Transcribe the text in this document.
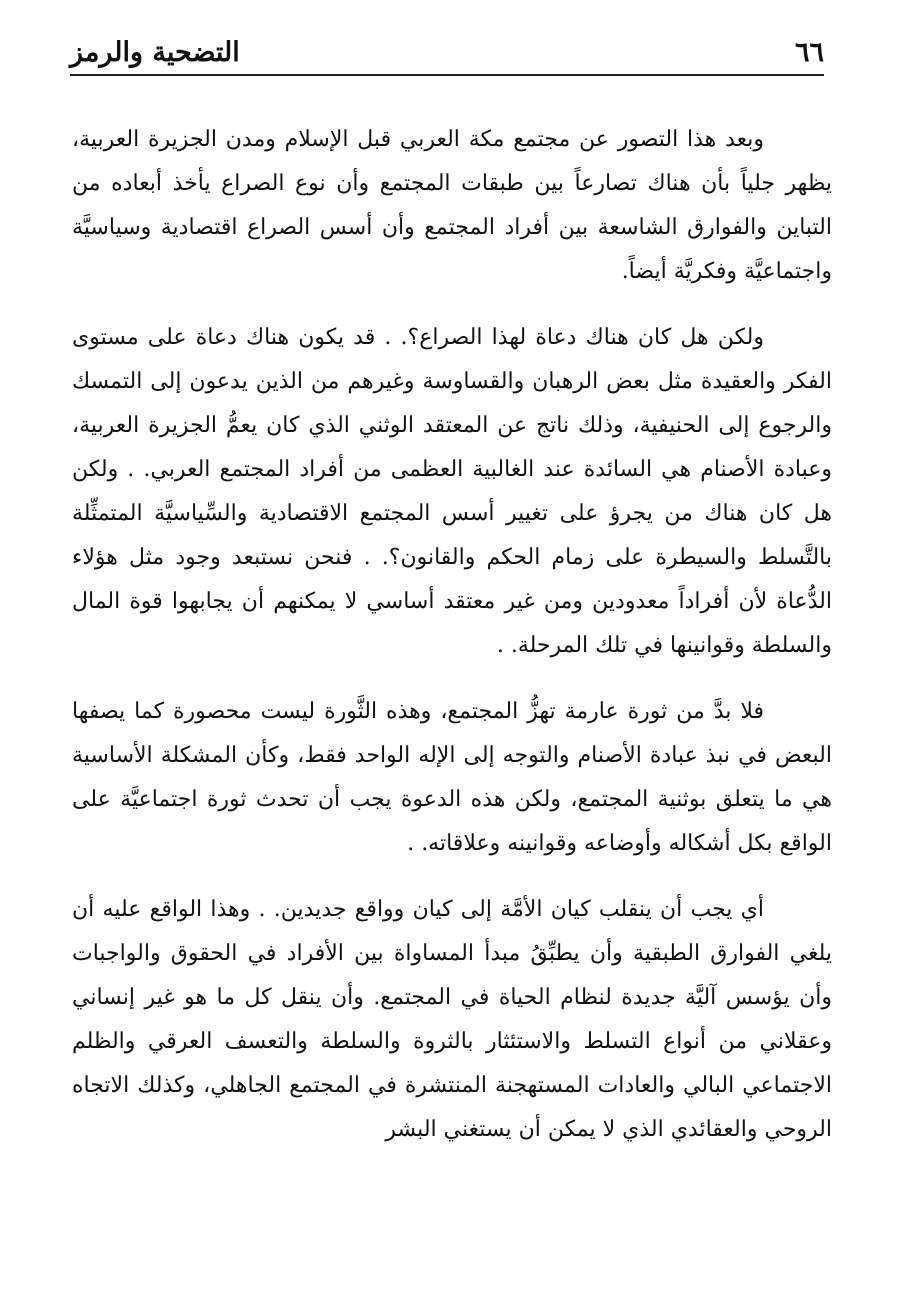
٦٦
التضحية والرمز

وبعد هذا التصور عن مجتمع مكة العربي قبل الإسلام ومدن الجزيرة العربية، يظهر جلياً بأن هناك تصارعاً بين طبقات المجتمع وأن نوع الصراع يأخذ أبعاده من التباين والفوارق الشاسعة بين أفراد المجتمع وأن أسس الصراع اقتصادية وسياسيَّة واجتماعيَّة وفكريَّة أيضاً.

ولكن هل كان هناك دعاة لهذا الصراع؟. . قد يكون هناك دعاة على مستوى الفكر والعقيدة مثل بعض الرهبان والقساوسة وغيرهم من الذين يدعون إلى التمسك والرجوع إلى الحنيفية، وذلك ناتج عن المعتقد الوثني الذي كان يعمُّ الجزيرة العربية، وعبادة الأصنام هي السائدة عند الغالبية العظمى من أفراد المجتمع العربي. . ولكن هل كان هناك من يجرؤ على تغيير أسس المجتمع الاقتصادية والسِّياسيَّة المتمثِّلة بالتَّسلط والسيطرة على زمام الحكم والقانون؟. . فنحن نستبعد وجود مثل هؤلاء الدُّعاة لأن أفراداً معدودين ومن غير معتقد أساسي لا يمكنهم أن يجابهوا قوة المال والسلطة وقوانينها في تلك المرحلة. .

فلا بدَّ من ثورة عارمة تهزُّ المجتمع، وهذه الثَّورة ليست محصورة كما يصفها البعض في نبذ عبادة الأصنام والتوجه إلى الإله الواحد فقط، وكأن المشكلة الأساسية هي ما يتعلق بوثنية المجتمع، ولكن هذه الدعوة يجب أن تحدث ثورة اجتماعيَّة على الواقع بكل أشكاله وأوضاعه وقوانينه وعلاقاته. .

أي يجب أن ينقلب كيان الأمَّة إلى كيان وواقع جديدين. . وهذا الواقع عليه أن يلغي الفوارق الطبقية وأن يطبِّقُ مبدأ المساواة بين الأفراد في الحقوق والواجبات وأن يؤسس آليَّة جديدة لنظام الحياة في المجتمع. وأن ينقل كل ما هو غير إنساني وعقلاني من أنواع التسلط والاستئثار بالثروة والسلطة والتعسف العرقي والظلم الاجتماعي البالي والعادات المستهجنة المنتشرة في المجتمع الجاهلي، وكذلك الاتجاه الروحي والعقائدي الذي لا يمكن أن يستغني البشر
